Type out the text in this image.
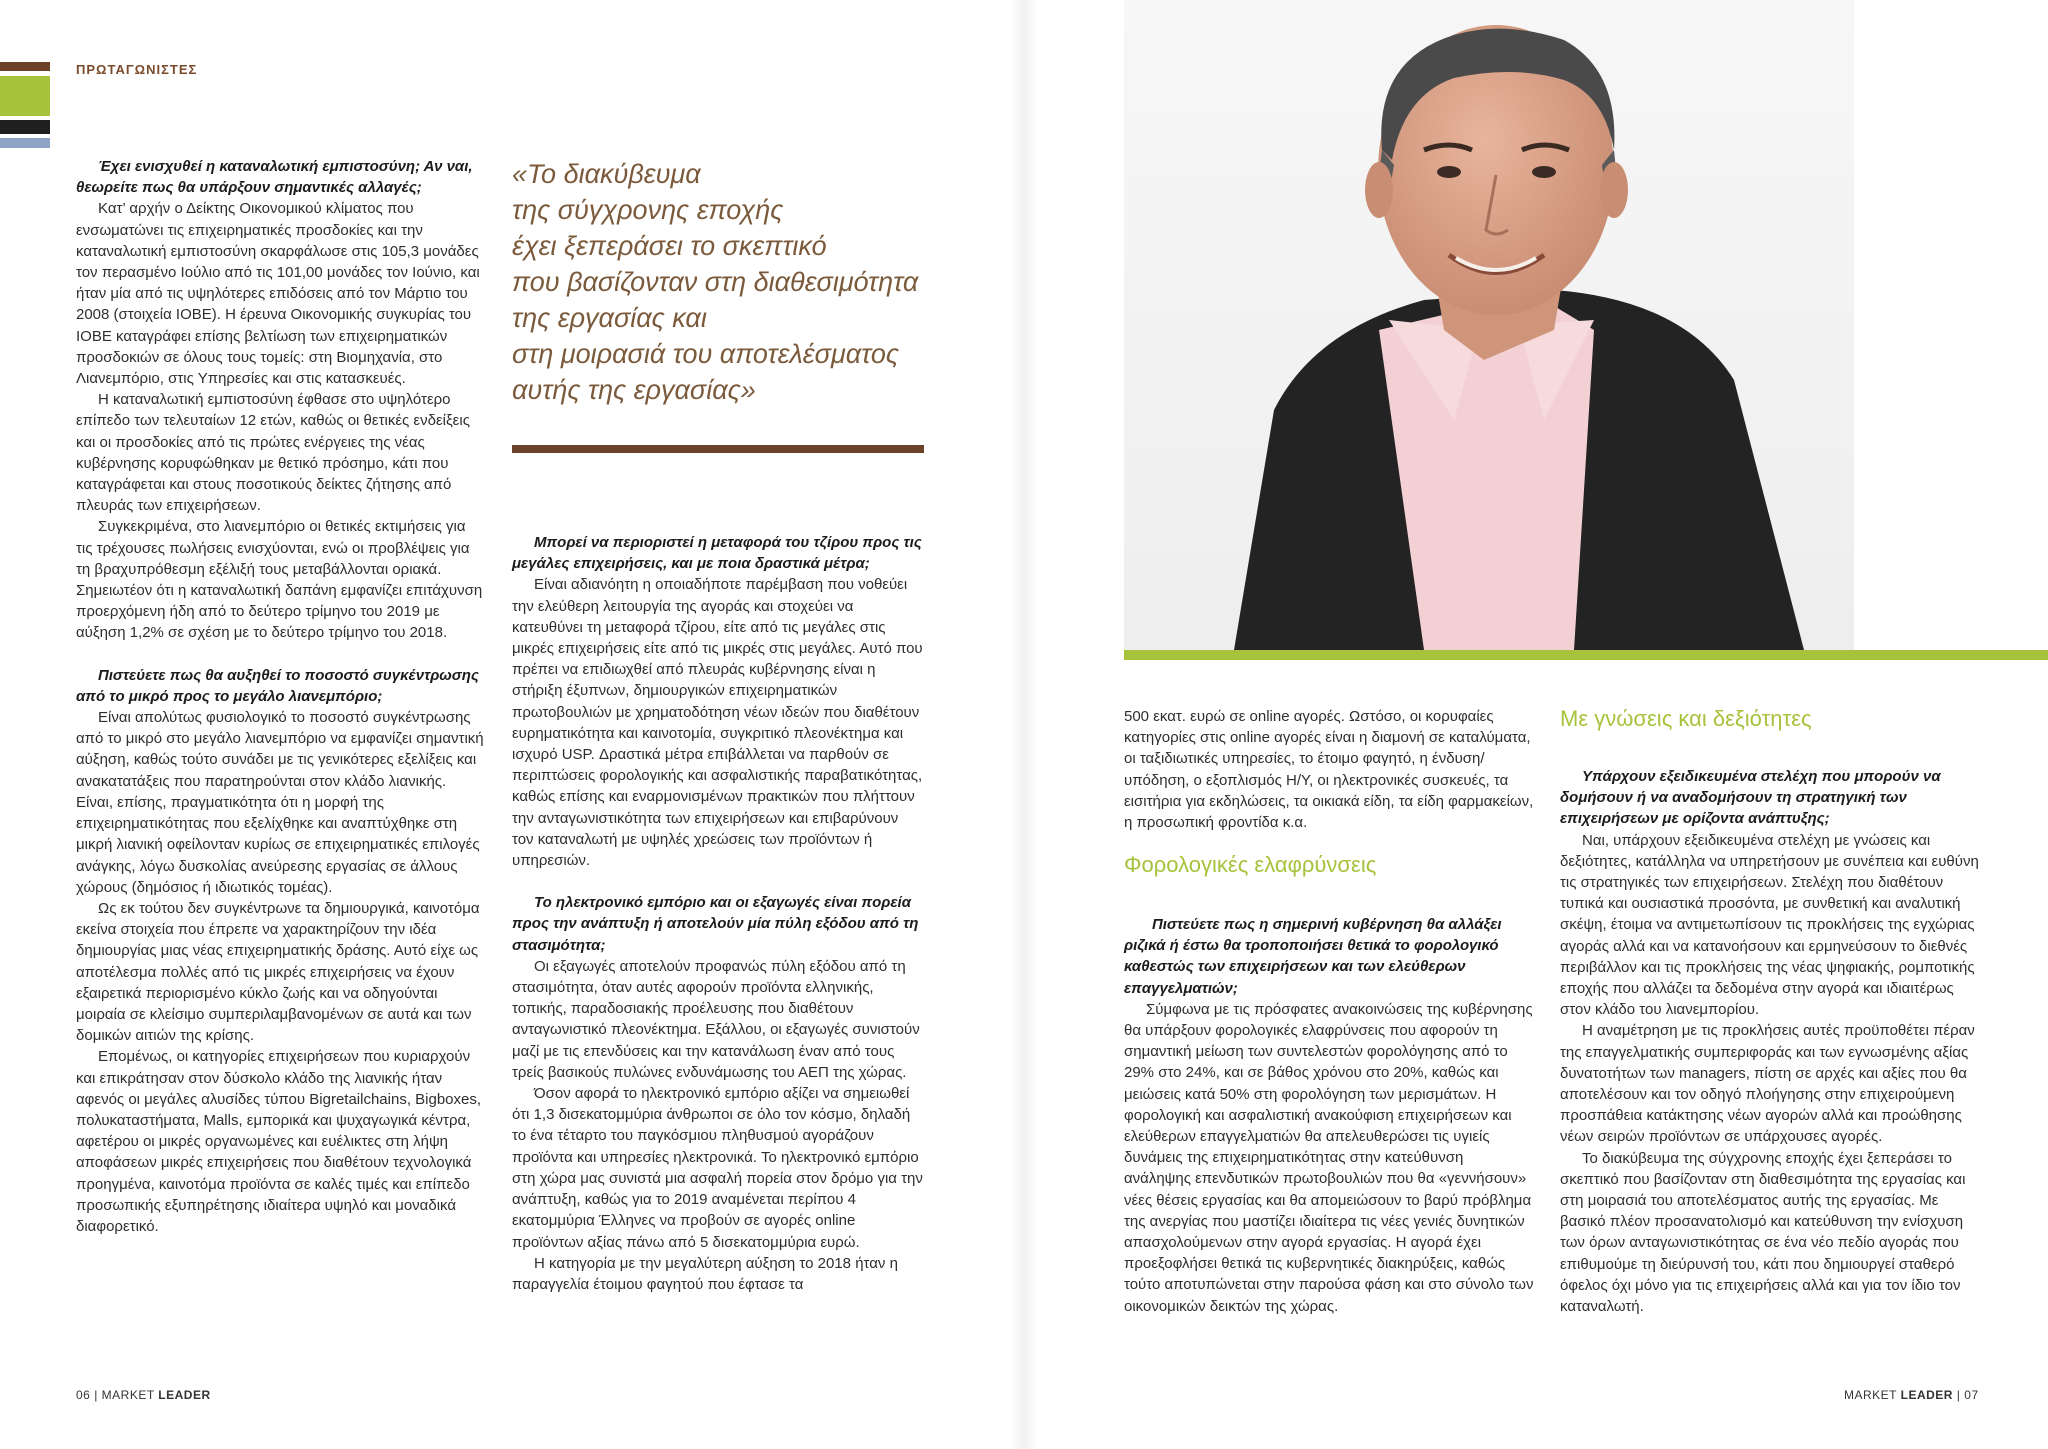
ΠΡΩΤΑΓΩΝΙΣΤΕΣ

Έχει ενισχυθεί η καταναλωτική εμπιστοσύνη; Αν ναι, θεωρείτε πως θα υπάρξουν σημαντικές αλλαγές;

Κατ’ αρχήν ο Δείκτης Οικονομικού κλίματος που ενσωματώνει τις επιχειρηματικές προσδοκίες και την καταναλωτική εμπιστοσύνη σκαρφάλωσε στις 105,3 μονάδες τον περασμένο Ιούλιο από τις 101,00 μονάδες τον Ιούνιο, και ήταν μία από τις υψηλότερες επιδόσεις από τον Μάρτιο του 2008 (στοιχεία ΙΟΒΕ). Η έρευνα Οικονομικής συγκυρίας του ΙΟΒΕ καταγράφει επίσης βελτίωση των επιχειρηματικών προσδοκιών σε όλους τους τομείς: στη Βιομηχανία, στο Λιανεμπόριο, στις Υπηρεσίες και στις κατασκευές.

Η καταναλωτική εμπιστοσύνη έφθασε στο υψηλότερο επίπεδο των τελευταίων 12 ετών, καθώς οι θετικές ενδείξεις και οι προσδοκίες από τις πρώτες ενέργειες της νέας κυβέρνησης κορυφώθηκαν με θετικό πρόσημο, κάτι που καταγράφεται και στους ποσοτικούς δείκτες ζήτησης από πλευράς των επιχειρήσεων.

Συγκεκριμένα, στο λιανεμπόριο οι θετικές εκτιμήσεις για τις τρέχουσες πωλήσεις ενισχύονται, ενώ οι προβλέψεις για τη βραχυπρόθεσμη εξέλιξή τους μεταβάλλονται οριακά. Σημειωτέον ότι η καταναλωτική δαπάνη εμφανίζει επιτάχυνση προερχόμενη ήδη από το δεύτερο τρίμηνο του 2019 με αύξηση 1,2% σε σχέση με το δεύτερο τρίμηνο του 2018.

Πιστεύετε πως θα αυξηθεί το ποσοστό συγκέντρωσης από το μικρό προς το μεγάλο λιανεμπόριο;

Είναι απολύτως φυσιολογικό το ποσοστό συγκέντρωσης από το μικρό στο μεγάλο λιανεμπόριο να εμφανίζει σημαντική αύξηση, καθώς τούτο συνάδει με τις γενικότερες εξελίξεις και ανακατατάξεις που παρατηρούνται στον κλάδο λιανικής. Είναι, επίσης, πραγματικότητα ότι η μορφή της επιχειρηματικότητας που εξελίχθηκε και αναπτύχθηκε στη μικρή λιανική οφείλονταν κυρίως σε επιχειρηματικές επιλογές ανάγκης, λόγω δυσκολίας ανεύρεσης εργασίας σε άλλους χώρους (δημόσιος ή ιδιωτικός τομέας).

Ως εκ τούτου δεν συγκέντρωνε τα δημιουργικά, καινοτόμα εκείνα στοιχεία που έπρεπε να χαρακτηρίζουν την ιδέα δημιουργίας μιας νέας επιχειρηματικής δράσης. Αυτό είχε ως αποτέλεσμα πολλές από τις μικρές επιχειρήσεις να έχουν εξαιρετικά περιορισμένο κύκλο ζωής και να οδηγούνται μοιραία σε κλείσιμο συμπεριλαμβανομένων σε αυτά και των δομικών αιτιών της κρίσης.

Επομένως, οι κατηγορίες επιχειρήσεων που κυριαρχούν και επικράτησαν στον δύσκολο κλάδο της λιανικής ήταν αφενός οι μεγάλες αλυσίδες τύπου Bigretailchains, Bigboxes, πολυκαταστήματα, Malls, εμπορικά και ψυχαγωγικά κέντρα, αφετέρου οι μικρές οργανωμένες και ευέλικτες στη λήψη αποφάσεων μικρές επιχειρήσεις που διαθέτουν τεχνολογικά προηγμένα, καινοτόμα προϊόντα σε καλές τιμές και επίπεδο προσωπικής εξυπηρέτησης ιδιαίτερα υψηλό και μοναδικά διαφορετικό.

«Το διακύβευμα
της σύγχρονης εποχής
έχει ξεπεράσει το σκεπτικό
που βασίζονταν στη διαθεσιμότητα
της εργασίας και
στη μοιρασιά του αποτελέσματος
αυτής της εργασίας»

Μπορεί να περιοριστεί η μεταφορά του τζίρου προς τις μεγάλες επιχειρήσεις, και με ποια δραστικά μέτρα;

Είναι αδιανόητη η οποιαδήποτε παρέμβαση που νοθεύει την ελεύθερη λειτουργία της αγοράς και στοχεύει να κατευθύνει τη μεταφορά τζίρου, είτε από τις μεγάλες στις μικρές επιχειρήσεις είτε από τις μικρές στις μεγάλες. Αυτό που πρέπει να επιδιωχθεί από πλευράς κυβέρνησης είναι η στήριξη έξυπνων, δημιουργικών επιχειρηματικών πρωτοβουλιών με χρηματοδότηση νέων ιδεών που διαθέτουν ευρηματικότητα και καινοτομία, συγκριτικό πλεονέκτημα και ισχυρό USP. Δραστικά μέτρα επιβάλλεται να παρθούν σε περιπτώσεις φορολογικής και ασφαλιστικής παραβατικότητας, καθώς επίσης και εναρμονισμένων πρακτικών που πλήττουν την ανταγωνιστικότητα των επιχειρήσεων και επιβαρύνουν τον καταναλωτή με υψηλές χρεώσεις των προϊόντων ή υπηρεσιών.

Το ηλεκτρονικό εμπόριο και οι εξαγωγές είναι πορεία προς την ανάπτυξη ή αποτελούν μία πύλη εξόδου από τη στασιμότητα;

Οι εξαγωγές αποτελούν προφανώς πύλη εξόδου από τη στασιμότητα, όταν αυτές αφορούν προϊόντα ελληνικής, τοπικής, παραδοσιακής προέλευσης που διαθέτουν ανταγωνιστικό πλεονέκτημα. Εξάλλου, οι εξαγωγές συνιστούν μαζί με τις επενδύσεις και την κατανάλωση έναν από τους τρείς βασικούς πυλώνες ενδυνάμωσης του ΑΕΠ της χώρας.

Όσον αφορά το ηλεκτρονικό εμπόριο αξίζει να σημειωθεί ότι 1,3 δισεκατομμύρια άνθρωποι σε όλο τον κόσμο, δηλαδή το ένα τέταρτο του παγκόσμιου πληθυσμού αγοράζουν προϊόντα και υπηρεσίες ηλεκτρονικά. Το ηλεκτρονικό εμπόριο στη χώρα μας συνιστά μια ασφαλή πορεία στον δρόμο για την ανάπτυξη, καθώς για το 2019 αναμένεται περίπου 4 εκατομμύρια Έλληνες να προβούν σε αγορές online προϊόντων αξίας πάνω από 5 δισεκατομμύρια ευρώ.

Η κατηγορία με την μεγαλύτερη αύξηση το 2018 ήταν η παραγγελία έτοιμου φαγητού που έφτασε τα

06 | MARKET LEADER

500 εκατ. ευρώ σε online αγορές. Ωστόσο, οι κορυφαίες κατηγορίες στις online αγορές είναι η διαμονή σε καταλύματα, οι ταξιδιωτικές υπηρεσίες, το έτοιμο φαγητό, η ένδυση/υπόδηση, ο εξοπλισμός Η/Υ, οι ηλεκτρονικές συσκευές, τα εισιτήρια για εκδηλώσεις, τα οικιακά είδη, τα είδη φαρμακείων, η προσωπική φροντίδα κ.α.

Φορολογικές ελαφρύνσεις

Πιστεύετε πως η σημερινή κυβέρνηση θα αλλάξει ριζικά ή έστω θα τροποποιήσει θετικά το φορολογικό καθεστώς των επιχειρήσεων και των ελεύθερων επαγγελματιών;

Σύμφωνα με τις πρόσφατες ανακοινώσεις της κυβέρνησης θα υπάρξουν φορολογικές ελαφρύνσεις που αφορούν τη σημαντική μείωση των συντελεστών φορολόγησης από το 29% στο 24%, και σε βάθος χρόνου στο 20%, καθώς και μειώσεις κατά 50% στη φορολόγηση των μερισμάτων. Η φορολογική και ασφαλιστική ανακούφιση επιχειρήσεων και ελεύθερων επαγγελματιών θα απελευθερώσει τις υγιείς δυνάμεις της επιχειρηματικότητας στην κατεύθυνση ανάληψης επενδυτικών πρωτοβουλιών που θα «γεννήσουν» νέες θέσεις εργασίας και θα απομειώσουν το βαρύ πρόβλημα της ανεργίας που μαστίζει ιδιαίτερα τις νέες γενιές δυνητικών απασχολούμενων στην αγορά εργασίας. Η αγορά έχει προεξοφλήσει θετικά τις κυβερνητικές διακηρύξεις, καθώς τούτο αποτυπώνεται στην παρούσα φάση και στο σύνολο των οικονομικών δεικτών της χώρας.

Με γνώσεις και δεξιότητες

Υπάρχουν εξειδικευμένα στελέχη που μπορούν να δομήσουν ή να αναδομήσουν τη στρατηγική των επιχειρήσεων με ορίζοντα ανάπτυξης;

Ναι, υπάρχουν εξειδικευμένα στελέχη με γνώσεις και δεξιότητες, κατάλληλα να υπηρετήσουν με συνέπεια και ευθύνη τις στρατηγικές των επιχειρήσεων. Στελέχη που διαθέτουν τυπικά και ουσιαστικά προσόντα, με συνθετική και αναλυτική σκέψη, έτοιμα να αντιμετωπίσουν τις προκλήσεις της εγχώριας αγοράς αλλά και να κατανοήσουν και ερμηνεύσουν το διεθνές περιβάλλον και τις προκλήσεις της νέας ψηφιακής, ρομποτικής εποχής που αλλάζει τα δεδομένα στην αγορά και ιδιαιτέρως στον κλάδο του λιανεμπορίου.

Η αναμέτρηση με τις προκλήσεις αυτές προϋποθέτει πέραν της επαγγελματικής συμπεριφοράς και των εγνωσμένης αξίας δυνατοτήτων των managers, πίστη σε αρχές και αξίες που θα αποτελέσουν και τον οδηγό πλοήγησης στην επιχειρούμενη προσπάθεια κατάκτησης νέων αγορών αλλά και προώθησης νέων σειρών προϊόντων σε υπάρχουσες αγορές.

Το διακύβευμα της σύγχρονης εποχής έχει ξεπεράσει το σκεπτικό που βασίζονταν στη διαθεσιμότητα της εργασίας και στη μοιρασιά του αποτελέσματος αυτής της εργασίας. Με βασικό πλέον προσανατολισμό και κατεύθυνση την ενίσχυση των όρων ανταγωνιστικότητας σε ένα νέο πεδίο αγοράς που επιθυμούμε τη διεύρυνσή του, κάτι που δημιουργεί σταθερό όφελος όχι μόνο για τις επιχειρήσεις αλλά και για τον ίδιο τον καταναλωτή.

MARKET LEADER | 07
